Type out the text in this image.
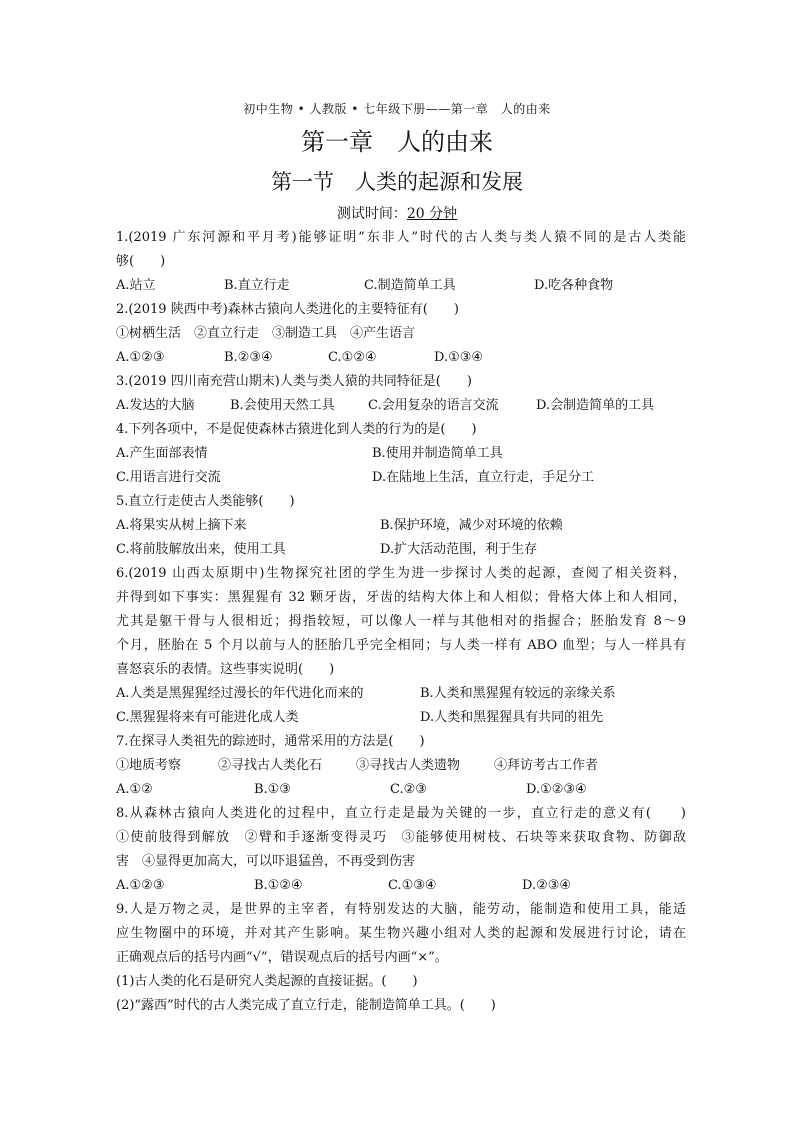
初中生物 • 人教版 • 七年级下册——第一章　人的由来
第一章　人的由来
第一节　人类的起源和发展
测试时间：20 分钟
1.(2019 广东河源和平月考)能够证明“东非人”时代的古人类与类人猿不同的是古人类能
够(　　)
A.站立	B.直立行走	C.制造简单工具	D.吃各种食物
2.(2019 陕西中考)森林古猿向人类进化的主要特征有(　　)
①树栖生活　②直立行走　③制造工具　④产生语言
A.①②③	B.②③④	C.①②④	D.①③④
3.(2019 四川南充营山期末)人类与类人猿的共同特征是(　　)
A.发达的大脑	B.会使用天然工具	C.会用复杂的语言交流	D.会制造简单的工具
4.下列各项中，不是促使森林古猿进化到人类的行为的是(　　)
A.产生面部表情	B.使用并制造简单工具
C.用语言进行交流	D.在陆地上生活，直立行走，手足分工
5.直立行走使古人类能够(　　)
A.将果实从树上摘下来	B.保护环境，减少对环境的依赖
C.将前肢解放出来，使用工具	D.扩大活动范围，利于生存
6.(2019 山西太原期中)生物探究社团的学生为进一步探讨人类的起源，查阅了相关资料，
并得到如下事实：黑猩猩有 32 颗牙齿，牙齿的结构大体上和人相似；骨格大体上和人相同，
尤其是躯干骨与人很相近；拇指较短，可以像人一样与其他相对的指握合；胚胎发育 8～9
个月，胚胎在 5 个月以前与人的胚胎几乎完全相同；与人类一样有 ABO 血型；与人一样具有
喜怒哀乐的表情。这些事实说明(　　)
A.人类是黑猩猩经过漫长的年代进化而来的	B.人类和黑猩猩有较远的亲缘关系
C.黑猩猩将来有可能进化成人类	D.人类和黑猩猩具有共同的祖先
7.在探寻人类祖先的踪迹时，通常采用的方法是(　　)
①地质考察	②寻找古人类化石	③寻找古人类遗物	④拜访考古工作者
A.①②	B.①③	C.②③	D.①②③④
8.从森林古猿向人类进化的过程中，直立行走是最为关键的一步，直立行走的意义有(　　)
①使前肢得到解放　②臂和手逐渐变得灵巧　③能够使用树枝、石块等来获取食物、防御敌
害　④显得更加高大，可以吓退猛兽，不再受到伤害
A.①②③	B.①②④	C.①③④	D.②③④
9.人是万物之灵，是世界的主宰者，有特别发达的大脑，能劳动，能制造和使用工具，能适
应生物圈中的环境，并对其产生影响。某生物兴趣小组对人类的起源和发展进行讨论，请在
正确观点后的括号内画“√”，错误观点后的括号内画“×”。
(1)古人类的化石是研究人类起源的直接证据。(　　)
(2)“露西”时代的古人类完成了直立行走，能制造简单工具。(　　)
